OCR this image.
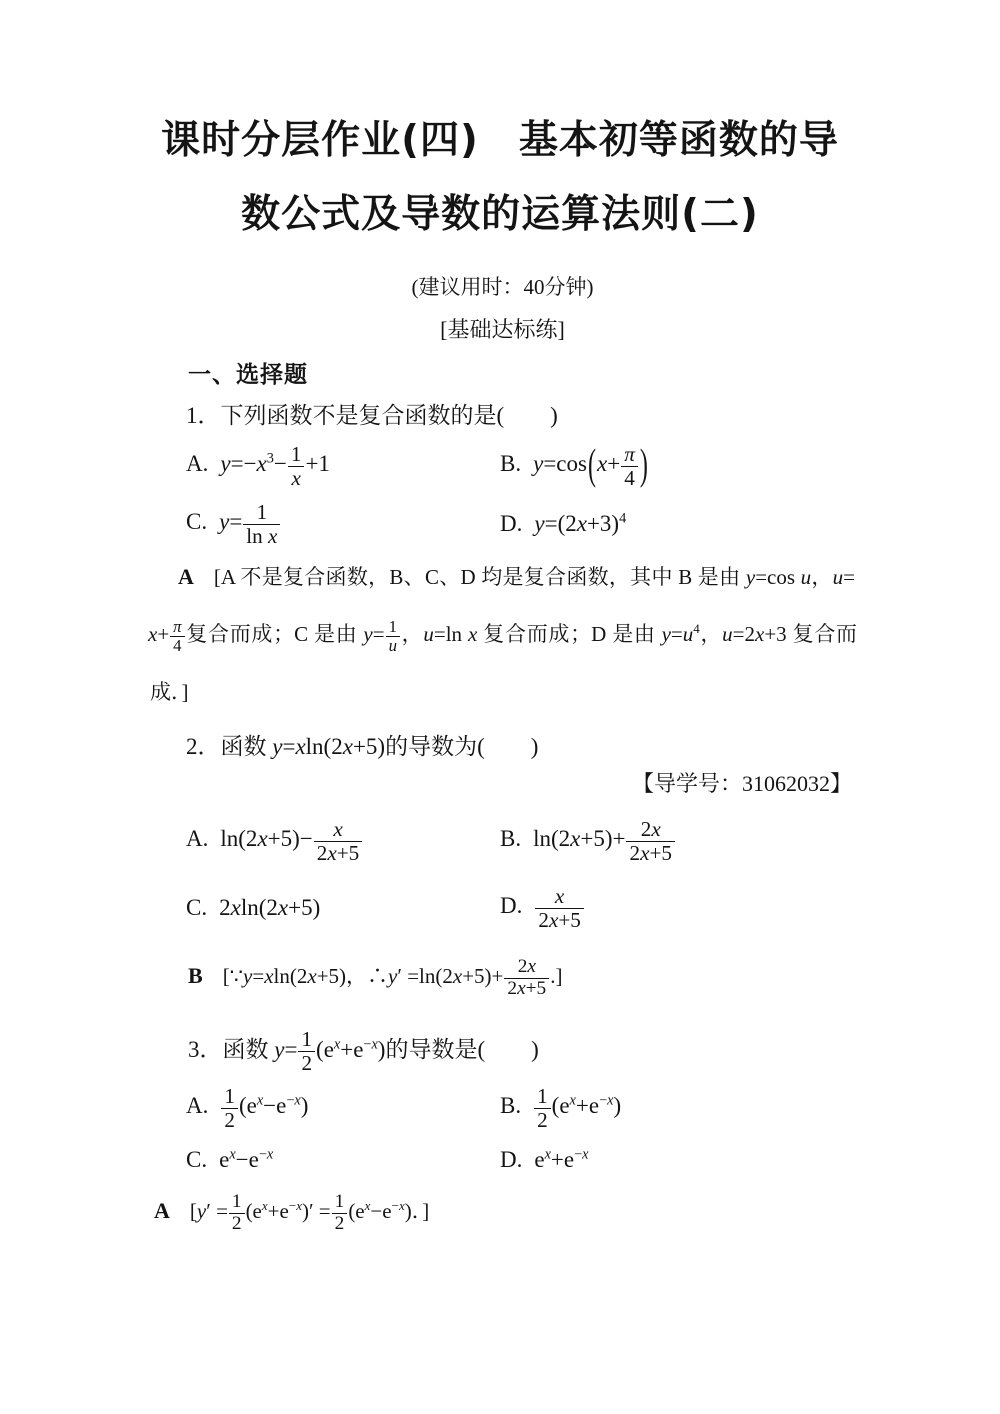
课时分层作业(四)　基本初等函数的导
数公式及导数的运算法则(二)
(建议用时：40分钟)
[基础达标练]
一、选择题
1．下列函数不是复合函数的是(　　)
A. $y=-x^3- \frac{1}{x} +1$	B. $y=\cos(x+ \frac{\pi}{4}$ )
C. $y= \frac{1}{\text{ln x}}$	D. $y=(2x+3)^4$
A [A 不是复合函数，B、C、D 均是复合函数，其中 B 是由 y=cos u，u=
$x+ \frac{\pi}{4}$ 复合而成；C 是由 $y= \frac{1}{u}$ ，u=ln x 复合而成；D 是由 $y=u^4$，u=2x+3 复合而
成．]
2．函数 y=xln(2x+5)的导数为(　　)
【导学号：31062032】
A. $\ln(2x+5)- \frac{x}{2x+5}$	B. $\ln(2x+5)+ \frac{2x}{2x+5}$
C. 2xln(2x+5)	D. $\frac{x}{2x+5}$
B [∵y=xln(2x+5)，∴y′ $=\ln(2x+5)+ \frac{2x}{2x+5}$ .]
3．函数 $y= \frac{1}{2} (e^x+e^{-x})$的导数是(　　)
A. $\frac{1}{2} (e^x-e^{-x})$	B. $\frac{1}{2} (e^x+e^{-x})$
C. $e^x-e^{-x}$	D. $e^x+e^{-x}$
A [$y' = \frac{1}{2} (e^x+e^{-x})' = \frac{1}{2} (e^x-e^{-x})$．]
